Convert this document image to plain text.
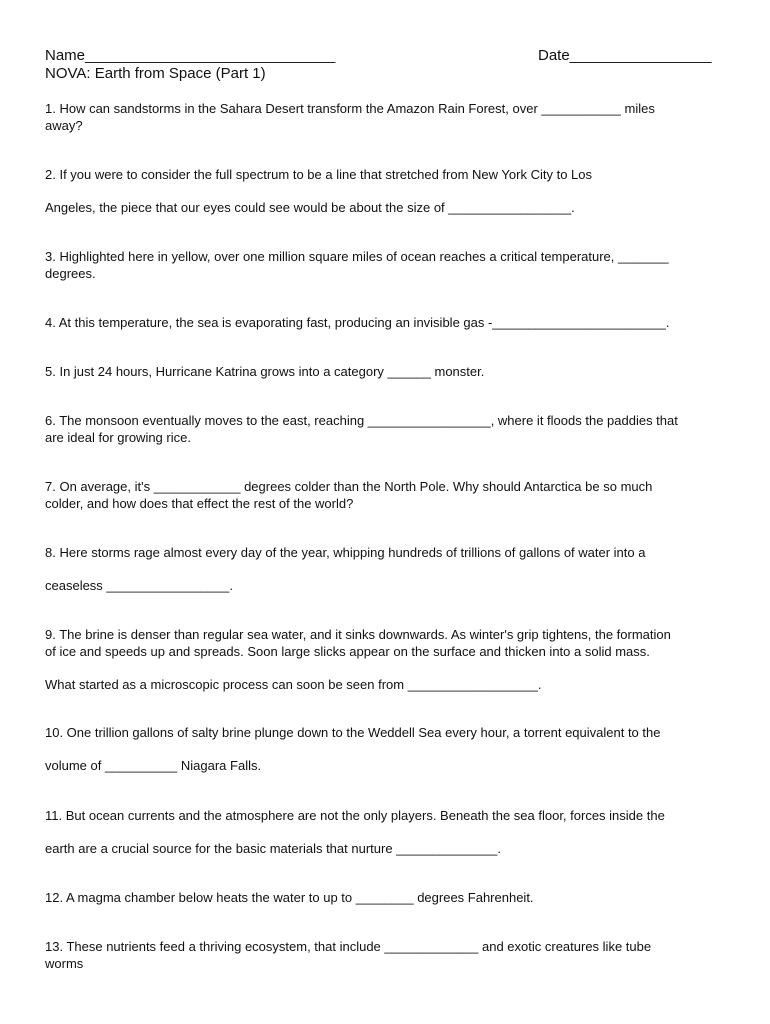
Name______________________________	Date_________________
NOVA: Earth from Space (Part 1)
1. How can sandstorms in the Sahara Desert transform the Amazon Rain Forest, over ___________ miles
away?
2. If you were to consider the full spectrum to be a line that stretched from New York City to Los
Angeles, the piece that our eyes could see would be about the size of _________________.
3. Highlighted here in yellow, over one million square miles of ocean reaches a critical temperature, _______
degrees.
4. At this temperature, the sea is evaporating fast, producing an invisible gas -________________________.
5. In just 24 hours, Hurricane Katrina grows into a category ______ monster.
6. The monsoon eventually moves to the east, reaching _________________, where it floods the paddies that
are ideal for growing rice.
7. On average, it's ____________ degrees colder than the North Pole. Why should Antarctica be so much
colder, and how does that effect the rest of the world?
8. Here storms rage almost every day of the year, whipping hundreds of trillions of gallons of water into a
ceaseless _________________.
9. The brine is denser than regular sea water, and it sinks downwards. As winter's grip tightens, the formation
of ice and speeds up and spreads. Soon large slicks appear on the surface and thicken into a solid mass.
What started as a microscopic process can soon be seen from __________________.
10. One trillion gallons of salty brine plunge down to the Weddell Sea every hour, a torrent equivalent to the
volume of __________ Niagara Falls.
11. But ocean currents and the atmosphere are not the only players. Beneath the sea floor, forces inside the
earth are a crucial source for the basic materials that nurture ______________.
12. A magma chamber below heats the water to up to ________ degrees Fahrenheit.
13. These nutrients feed a thriving ecosystem, that include _____________ and exotic creatures like tube
worms
